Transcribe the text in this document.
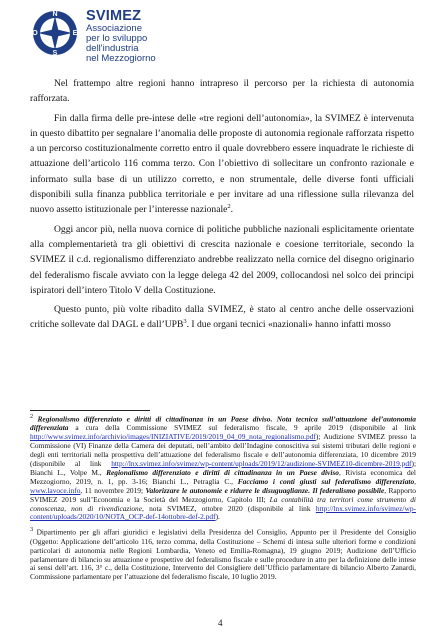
N
S
E
O
SVIMEZ
Associazione
per lo sviluppo
dell'industria
nel Mezzogiorno

Nel frattempo altre regioni hanno intrapreso il percorso per la richiesta di autonomia rafforzata.

Fin dalla firma delle pre-intese delle «tre regioni dell’autonomia», la SVIMEZ è intervenuta in questo dibattito per segnalare l’anomalia delle proposte di autonomia regionale rafforzata rispetto a un percorso costituzionalmente corretto entro il quale dovrebbero essere inquadrate le richieste di attuazione dell’articolo 116 comma terzo. Con l’obiettivo di sollecitare un confronto razionale e informato sulla base di un utilizzo corretto, e non strumentale, delle diverse fonti ufficiali disponibili sulla finanza pubblica territoriale e per invitare ad una riflessione sulla rilevanza del nuovo assetto istituzionale per l’interesse nazionale$^2$.

Oggi ancor più, nella nuova cornice di politiche pubbliche nazionali esplicitamente orientate alla complementarietà tra gli obiettivi di crescita nazionale e coesione territoriale, secondo la SVIMEZ il c.d. regionalismo differenziato andrebbe realizzato nella cornice del disegno originario del federalismo fiscale avviato con la legge delega 42 del 2009, collocandosi nel solco dei principi ispiratori dell’intero Titolo V della Costituzione.

Questo punto, più volte ribadito dalla SVIMEZ, è stato al centro anche delle osservazioni critiche sollevate dal DAGL e dall’UPB$^3$. I due organi tecnici «nazionali» hanno infatti mosso

$^2$ Regionalismo differenziato e diritti di cittadinanza in un Paese diviso. Nota tecnica sull’attuazione del’autonomia differenziata a cura della Commissione SVIMEZ sul federalismo fiscale, 9 aprile 2019 (disponibile al link http://www.svimez.info/archivio/images/INIZIATIVE/2019/2019_04_09_nota_regionalismo.pdf); Audizione SVIMEZ presso la Commissione (VI) Finanze della Camera dei deputati, nell’ambito dell’Indagine conoscitiva sui sistemi tributari delle regioni e degli enti territoriali nella prospettiva dell’attuazione del federalismo fiscale e dell’autonomia differenziata, 10 dicembre 2019 (disponibile al link http://lnx.svimez.info/svimez/wp-content/uploads/2019/12/audizione-SVIMEZ10-dicembre-2019.pdf); Bianchi L., Volpe M., Regionalismo differenziato e diritti di cittadinanza in un Paese diviso, Rivista economica del Mezzogiorno, 2019, n. 1, pp. 3-16; Bianchi L., Petraglia C., Facciamo i conti giusti sul federalismo differenziato, www.lavoce.info, 11 novembre 2019; Valorizzare le autonomie e ridurre le disuguaglianze. Il federalismo possibile, Rapporto SVIMEZ 2019 sull’Economia e la Società del Mezzogiorno, Capitolo III; La contabilità tra territori come strumento di conoscenza, non di rivendicazione, nota SVIMEZ, ottobre 2020 (disponibile al link http://lnx.svimez.info/svimez/wp-content/uploads/2020/10/NOTA_OCP-def-14ottobre-def-2.pdf).

$^3$ Dipartimento per gli affari giuridici e legislativi della Presidenza del Consiglio, Appunto per il Presidente del Consiglio (Oggetto: Applicazione dell’articolo 116, terzo comma, della Costituzione – Schemi di intesa sulle ulteriori forme e condizioni particolari di autonomia nelle Regioni Lombardia, Veneto ed Emilia-Romagna), 19 giugno 2019; Audizione dell’Ufficio parlamentare di bilancio su attuazione e prospettive del federalismo fiscale e sulle procedure in atto per la definizione delle intese ai sensi dell’art. 116, 3° c., della Costituzione, Intervento del Consigliere dell’Ufficio parlamentare di bilancio Alberto Zanardi, Commissione parlamentare per l’attuazione del federalismo fiscale, 10 luglio 2019.

4
